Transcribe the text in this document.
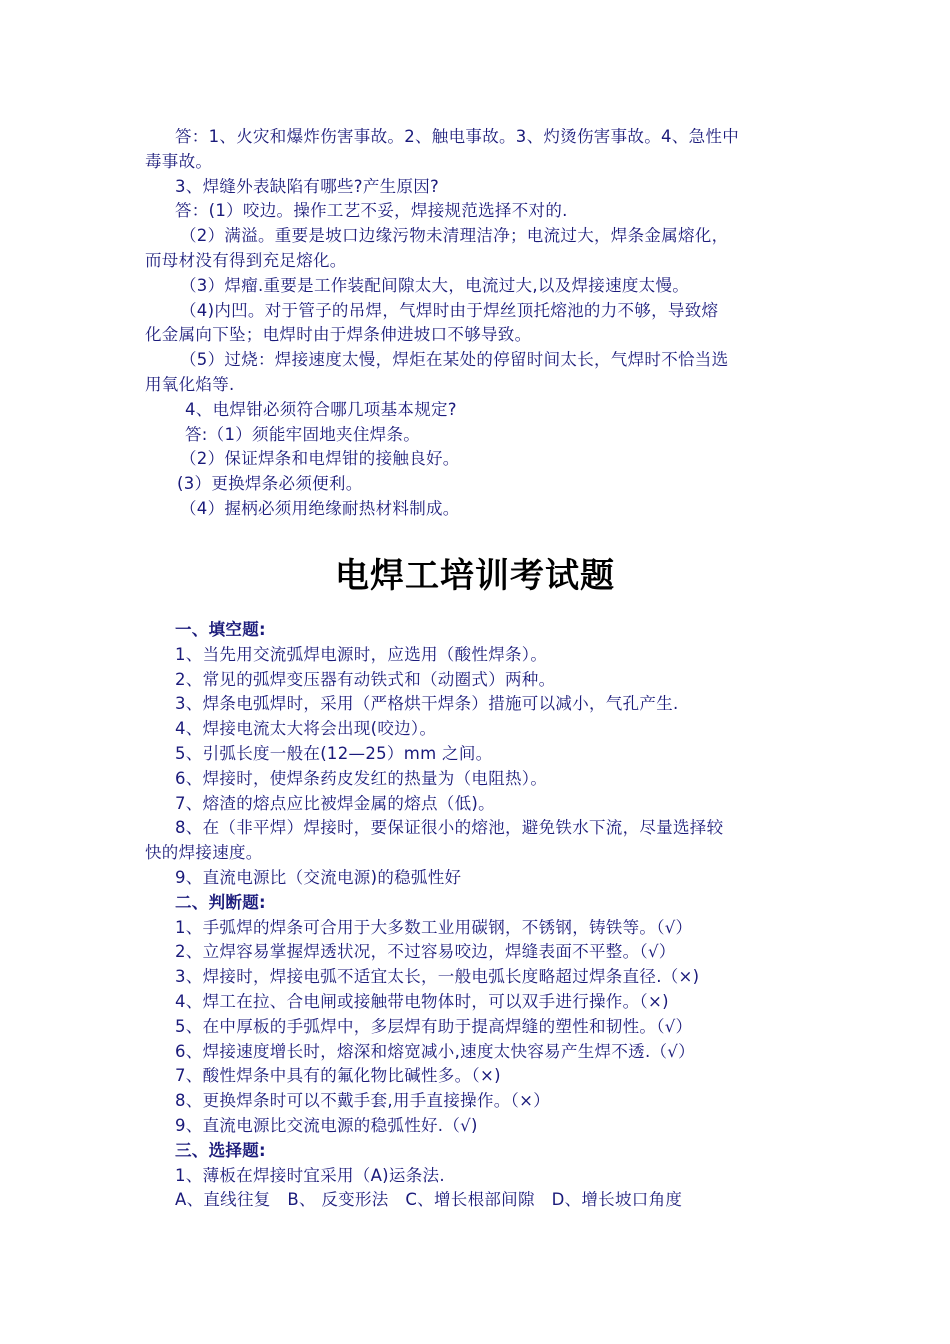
答：1、火灾和爆炸伤害事故。2、触电事故。3、灼烫伤害事故。4、急性中
毒事故。
3、焊缝外表缺陷有哪些?产生原因?
答：(1）咬边。操作工艺不妥，焊接规范选择不对的.
（2）满溢。重要是坡口边缘污物未清理洁净；电流过大，焊条金属熔化，
而母材没有得到充足熔化。
（3）焊瘤.重要是工作装配间隙太大，电流过大,以及焊接速度太慢。
（4)内凹。对于管子的吊焊，气焊时由于焊丝顶托熔池的力不够，导致熔
化金属向下坠；电焊时由于焊条伸进坡口不够导致。
（5）过烧：焊接速度太慢，焊炬在某处的停留时间太长，气焊时不恰当选
用氧化焰等.
4、电焊钳必须符合哪几项基本规定?
答:（1）须能牢固地夹住焊条。
（2）保证焊条和电焊钳的接触良好。
(3）更换焊条必须便利。
（4）握柄必须用绝缘耐热材料制成。
电焊工培训考试题
一、填空题:
1、当先用交流弧焊电源时，应选用（酸性焊条）。
2、常见的弧焊变压器有动铁式和（动圈式）两种。
3、焊条电弧焊时，采用（严格烘干焊条）措施可以减小，气孔产生.
4、焊接电流太大将会出现(咬边）。
5、引弧长度一般在(12—25）mm 之间。
6、焊接时，使焊条药皮发红的热量为（电阻热）。
7、熔渣的熔点应比被焊金属的熔点（低)。
8、在（非平焊）焊接时，要保证很小的熔池，避免铁水下流，尽量选择较
快的焊接速度。
9、直流电源比（交流电源)的稳弧性好
二、判断题:
1、手弧焊的焊条可合用于大多数工业用碳钢，不锈钢，铸铁等。（√）
2、立焊容易掌握焊透状况，不过容易咬边，焊缝表面不平整。（√）
3、焊接时，焊接电弧不适宜太长，一般电弧长度略超过焊条直径.（×)
4、焊工在拉、合电闸或接触带电物体时，可以双手进行操作。（×)
5、在中厚板的手弧焊中，多层焊有助于提高焊缝的塑性和韧性。（√）
6、焊接速度增长时，熔深和熔宽减小,速度太快容易产生焊不透.（√）
7、酸性焊条中具有的氟化物比碱性多。（×)
8、更换焊条时可以不戴手套,用手直接操作。（×）
9、直流电源比交流电源的稳弧性好.（√)
三、选择题:
1、薄板在焊接时宜采用（A)运条法.
A、直线往复　B、 反变形法　C、增长根部间隙　D、增长坡口角度
